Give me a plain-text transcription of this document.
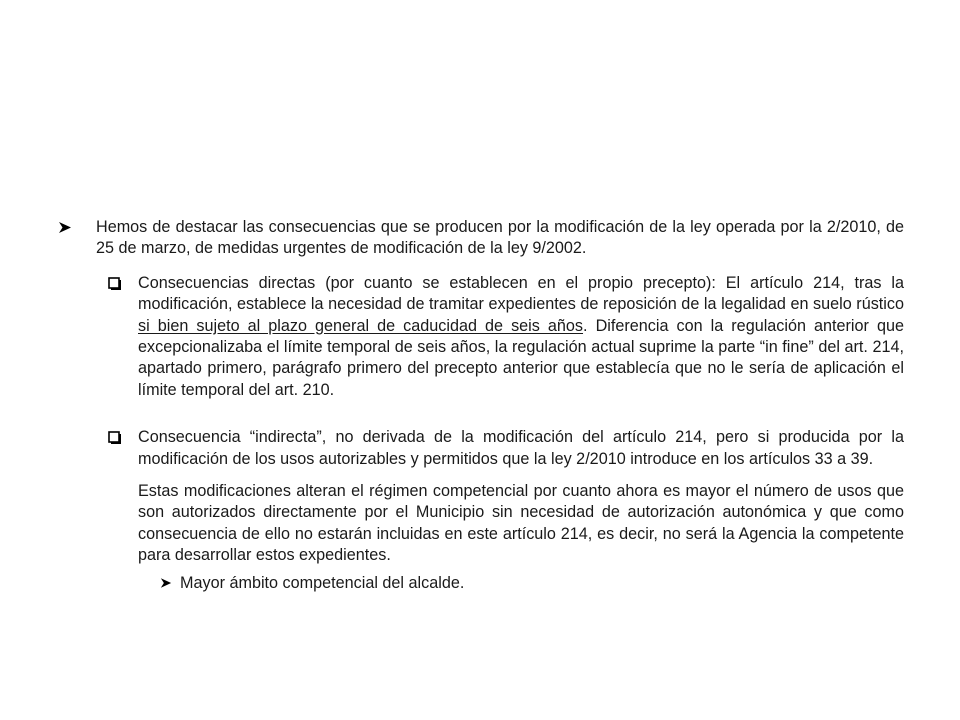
Hemos de destacar las consecuencias que se producen por la modificación de la ley operada por la 2/2010, de 25 de marzo, de medidas urgentes de modificación de la ley 9/2002.
Consecuencias directas (por cuanto se establecen en el propio precepto): El artículo 214, tras la modificación, establece la necesidad de tramitar expedientes de reposición de la legalidad en suelo rústico si bien sujeto al plazo general de caducidad de seis años. Diferencia con la regulación anterior que excepcionalizaba el límite temporal de seis años, la regulación actual suprime la parte “in fine” del art. 214, apartado primero, parágrafo primero del precepto anterior que establecía que no le sería de aplicación el límite temporal del art. 210.
Consecuencia “indirecta”, no derivada de la modificación del artículo 214, pero si producida por la modificación de los usos autorizables y permitidos que la ley 2/2010 introduce en los artículos 33 a 39.
Estas modificaciones alteran el régimen competencial por cuanto ahora es mayor el número de usos que son autorizados directamente por el Municipio sin necesidad de autorización autonómica y que como consecuencia de ello no estarán incluidas en este artículo 214, es decir, no será la Agencia la competente para desarrollar estos expedientes.
Mayor ámbito competencial del alcalde.
